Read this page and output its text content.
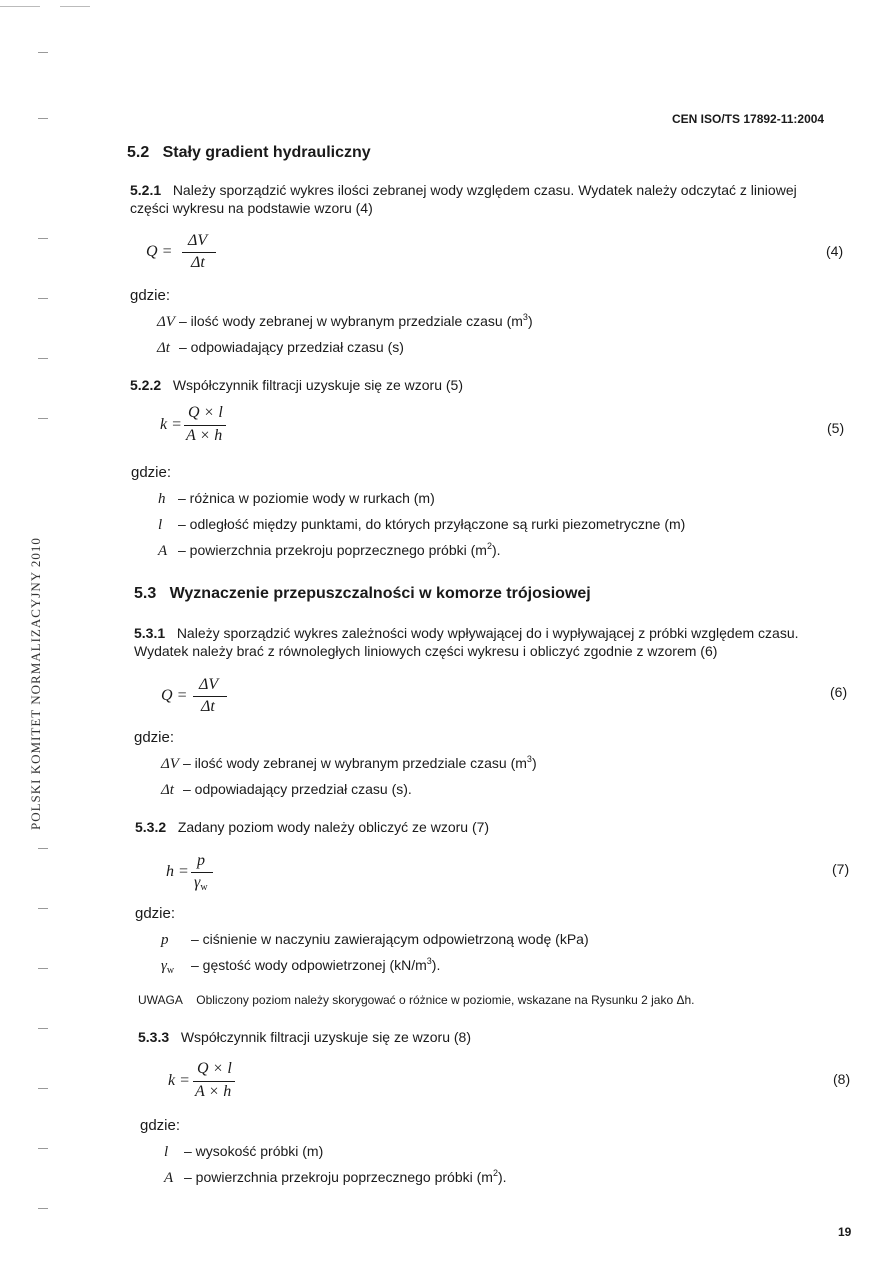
POLSKI KOMITET NORMALIZACYJNY 2010
CEN ISO/TS 17892-11:2004
5.2 Stały gradient hydrauliczny
5.2.1 Należy sporządzić wykres ilości zebranej wody względem czasu. Wydatek należy odczytać z liniowej
części wykresu na podstawie wzoru (4)
Q =
ΔV
Δt
(4)
gdzie:
ΔV – ilość wody zebranej w wybranym przedziale czasu $(m^3)$
Δt – odpowiadający przedział czasu (s)
5.2.2 Współczynnik filtracji uzyskuje się ze wzoru (5)
k =
Q × l
A × h	(5)
gdzie:
h – różnica w poziomie wody w rurkach (m)
l – odległość między punktami, do których przyłączone są rurki piezometryczne (m)
A – powierzchnia przekroju poprzecznego próbki $(m^2)$.
5.3 Wyznaczenie przepuszczalności w komorze trójosiowej
5.3.1 Należy sporządzić wykres zależności wody wpływającej do i wypływającej z próbki względem czasu.
Wydatek należy brać z równoległych liniowych części wykresu i obliczyć zgodnie z wzorem (6)
Q =
ΔV
Δt
(6)
gdzie:
ΔV – ilość wody zebranej w wybranym przedziale czasu $(m^3)$
Δt – odpowiadający przedział czasu (s).
5.3.2 Zadany poziom wody należy obliczyć ze wzoru (7)
h =
p
γw
(7)
gdzie:
p – ciśnienie w naczyniu zawierającym odpowietrzoną wodę (kPa)
$\gamma_w$ – gęstość wody odpowietrzonej $(kN/m^3)$.
UWAGA Obliczony poziom należy skorygować o różnice w poziomie, wskazane na Rysunku 2 jako Δh.
5.3.3 Współczynnik filtracji uzyskuje się ze wzoru (8)
k =
Q × l
A × h
(8)
gdzie:
l – wysokość próbki (m)
A – powierzchnia przekroju poprzecznego próbki $(m^2)$.
19
